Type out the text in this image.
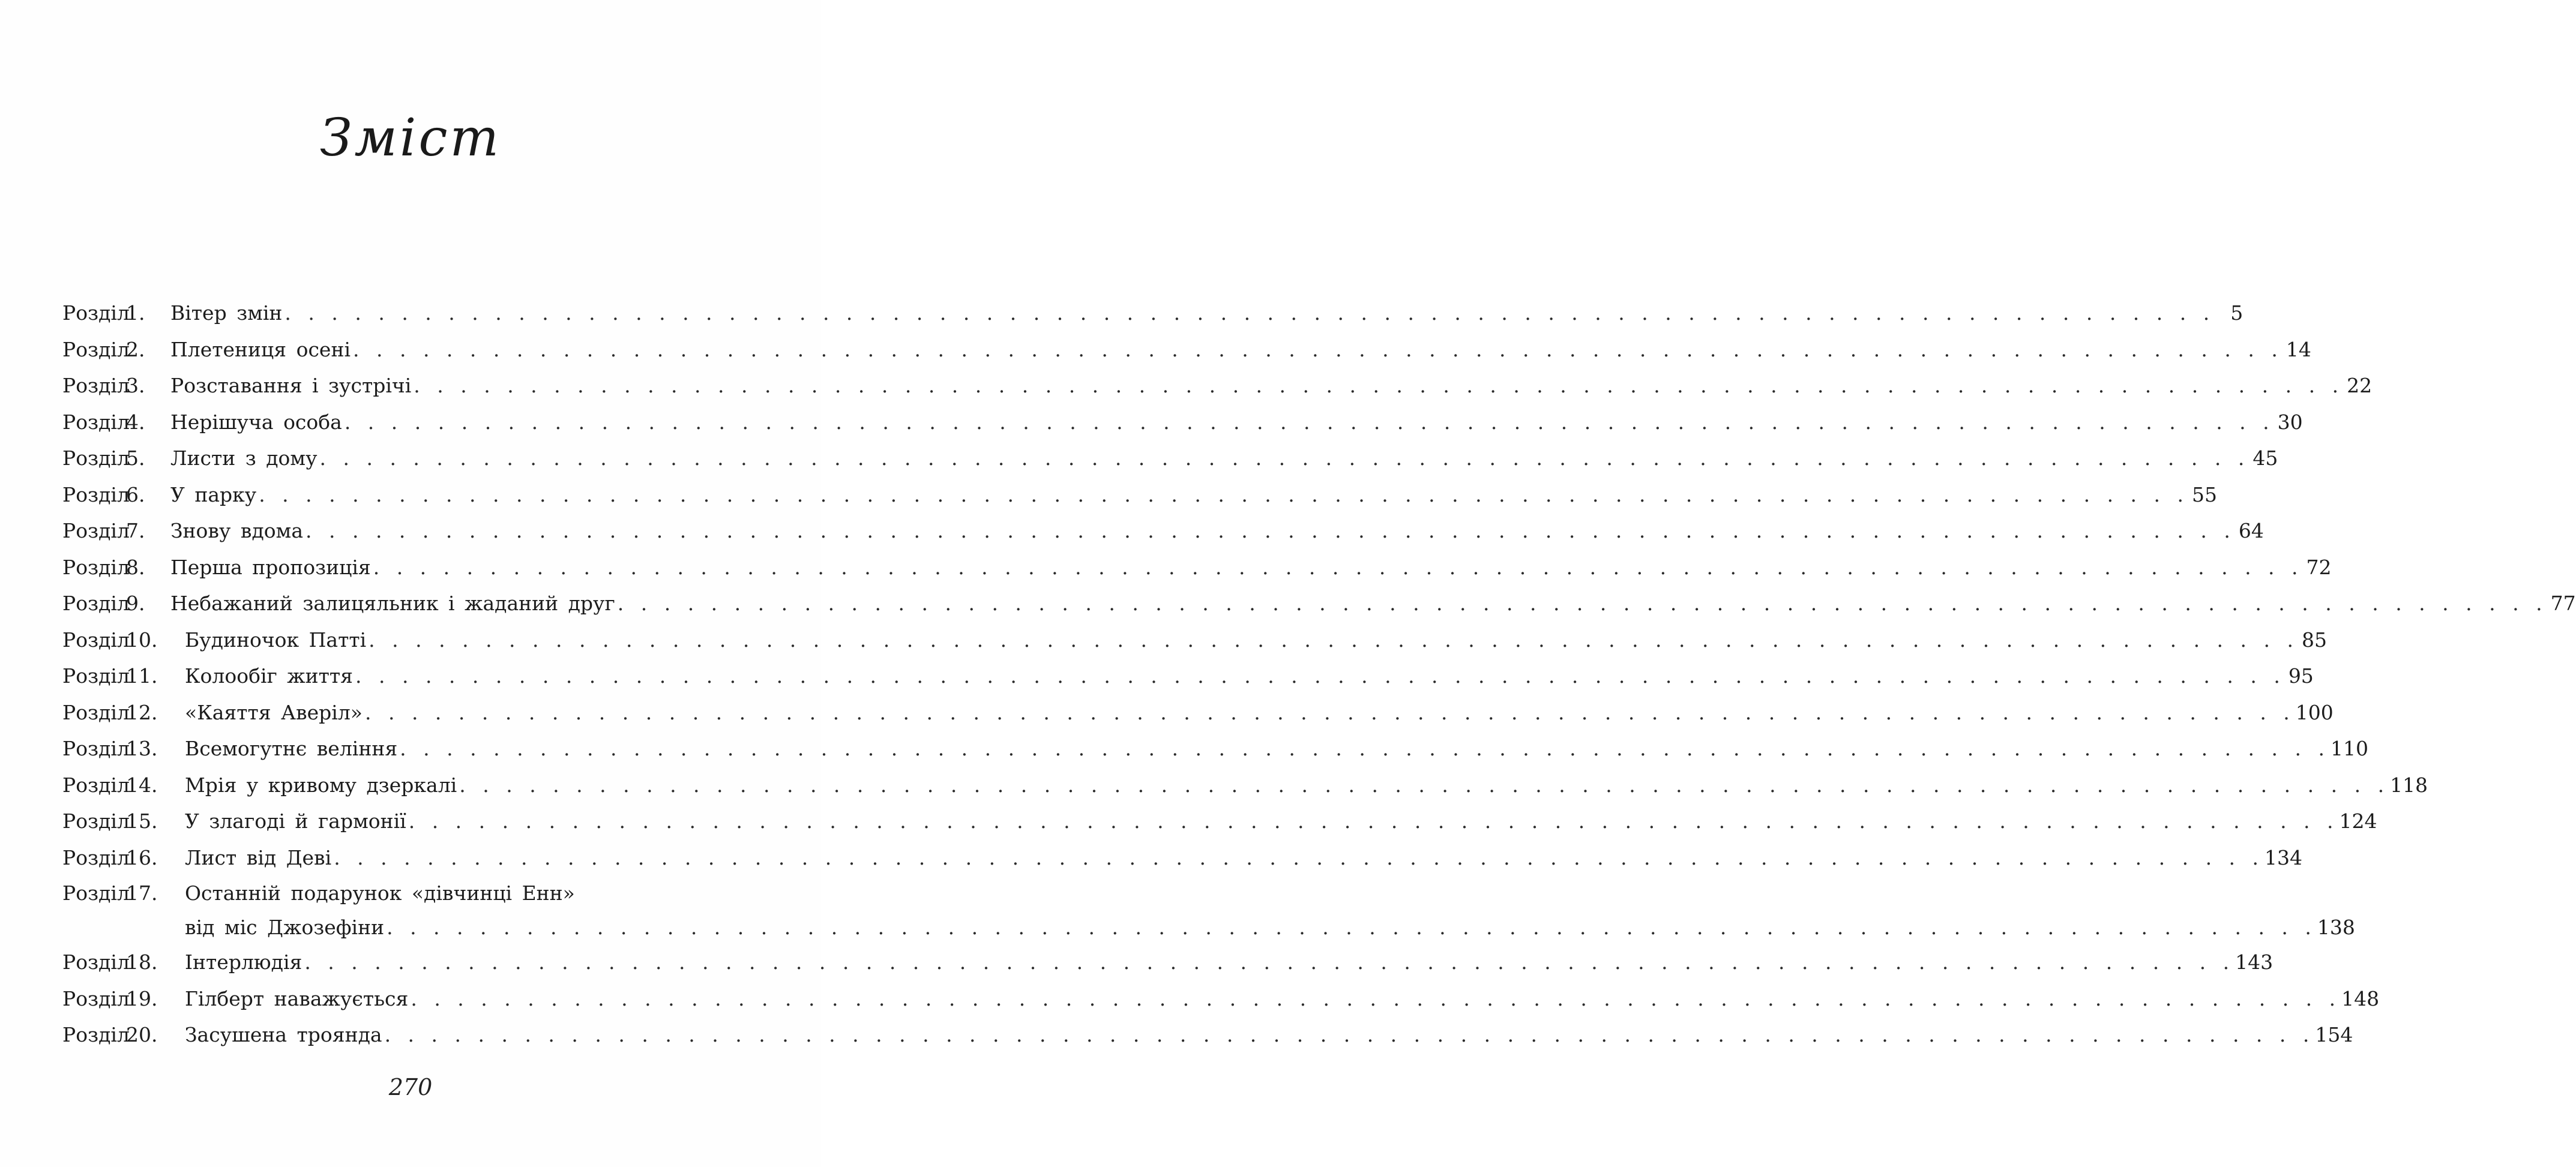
Зміст
Розділ
1.	Вітер змін . . . . . . . . . . . . . . . . . . . . . . . . . . . . . . . . . . . . . . . . . . . . . . . . . . . . . . . . . . . . . . . . . . . . . . . . . . . . . . . . . . . 5
Розділ
2.	Плетениця осені . . . . . . . . . . . . . . . . . . . . . . . . . . . . . . . . . . . . . . . . . . . . . . . . . . . . . . . . . . . . . . . . . . . . . . . . . . . . . . . . . . . 14
Розділ
3.	Розставання і зустрічі . . . . . . . . . . . . . . . . . . . . . . . . . . . . . . . . . . . . . . . . . . . . . . . . . . . . . . . . . . . . . . . . . . . . . . . . . . . . . . . . . . . 22
Розділ
4.	Нерішуча особа . . . . . . . . . . . . . . . . . . . . . . . . . . . . . . . . . . . . . . . . . . . . . . . . . . . . . . . . . . . . . . . . . . . . . . . . . . . . . . . . . . . 30
Розділ
5.	Листи з дому . . . . . . . . . . . . . . . . . . . . . . . . . . . . . . . . . . . . . . . . . . . . . . . . . . . . . . . . . . . . . . . . . . . . . . . . . . . . . . . . . . . 45
Розділ
6.	У парку . . . . . . . . . . . . . . . . . . . . . . . . . . . . . . . . . . . . . . . . . . . . . . . . . . . . . . . . . . . . . . . . . . . . . . . . . . . . . . . . . . . 55
Розділ
7.	Знову вдома . . . . . . . . . . . . . . . . . . . . . . . . . . . . . . . . . . . . . . . . . . . . . . . . . . . . . . . . . . . . . . . . . . . . . . . . . . . . . . . . . . . 64
Розділ
8.	Перша пропозиція . . . . . . . . . . . . . . . . . . . . . . . . . . . . . . . . . . . . . . . . . . . . . . . . . . . . . . . . . . . . . . . . . . . . . . . . . . . . . . . . . . . 72
Розділ
9.	Небажаний залицяльник і жаданий друг . . . . . . . . . . . . . . . . . . . . . . . . . . . . . . . . . . . . . . . . . . . . . . . . . . . . . . . . . . . . . . . . . . . . . . . . . . . . . . . . . . . 77
Розділ
10.	Будиночок Патті . . . . . . . . . . . . . . . . . . . . . . . . . . . . . . . . . . . . . . . . . . . . . . . . . . . . . . . . . . . . . . . . . . . . . . . . . . . . . . . . . . . 85
Розділ
11.	Колообіг життя . . . . . . . . . . . . . . . . . . . . . . . . . . . . . . . . . . . . . . . . . . . . . . . . . . . . . . . . . . . . . . . . . . . . . . . . . . . . . . . . . . . 95
Розділ
12.	«Каяття Аверіл» . . . . . . . . . . . . . . . . . . . . . . . . . . . . . . . . . . . . . . . . . . . . . . . . . . . . . . . . . . . . . . . . . . . . . . . . . . . . . . . . . . . 100
Розділ
13.	Всемогутнє веління . . . . . . . . . . . . . . . . . . . . . . . . . . . . . . . . . . . . . . . . . . . . . . . . . . . . . . . . . . . . . . . . . . . . . . . . . . . . . . . . . . . 110
Розділ
14.	Мрія у кривому дзеркалі . . . . . . . . . . . . . . . . . . . . . . . . . . . . . . . . . . . . . . . . . . . . . . . . . . . . . . . . . . . . . . . . . . . . . . . . . . . . . . . . . . . 118
Розділ
15.	У злагоді й гармонії . . . . . . . . . . . . . . . . . . . . . . . . . . . . . . . . . . . . . . . . . . . . . . . . . . . . . . . . . . . . . . . . . . . . . . . . . . . . . . . . . . . 124
Розділ
16.	Лист від Деві . . . . . . . . . . . . . . . . . . . . . . . . . . . . . . . . . . . . . . . . . . . . . . . . . . . . . . . . . . . . . . . . . . . . . . . . . . . . . . . . . . . 134
Розділ
17.	Останній подарунок «дівчинці Енн»
від міс Джозефіни . . . . . . . . . . . . . . . . . . . . . . . . . . . . . . . . . . . . . . . . . . . . . . . . . . . . . . . . . . . . . . . . . . . . . . . . . . . . . . . . . . . 138
Розділ
18.	Інтерлюдія . . . . . . . . . . . . . . . . . . . . . . . . . . . . . . . . . . . . . . . . . . . . . . . . . . . . . . . . . . . . . . . . . . . . . . . . . . . . . . . . . . . 143
Розділ
19.	Гілберт наважується . . . . . . . . . . . . . . . . . . . . . . . . . . . . . . . . . . . . . . . . . . . . . . . . . . . . . . . . . . . . . . . . . . . . . . . . . . . . . . . . . . . 148
Розділ
20.	Засушена троянда . . . . . . . . . . . . . . . . . . . . . . . . . . . . . . . . . . . . . . . . . . . . . . . . . . . . . . . . . . . . . . . . . . . . . . . . . . . . . . . . . . . 154
270
